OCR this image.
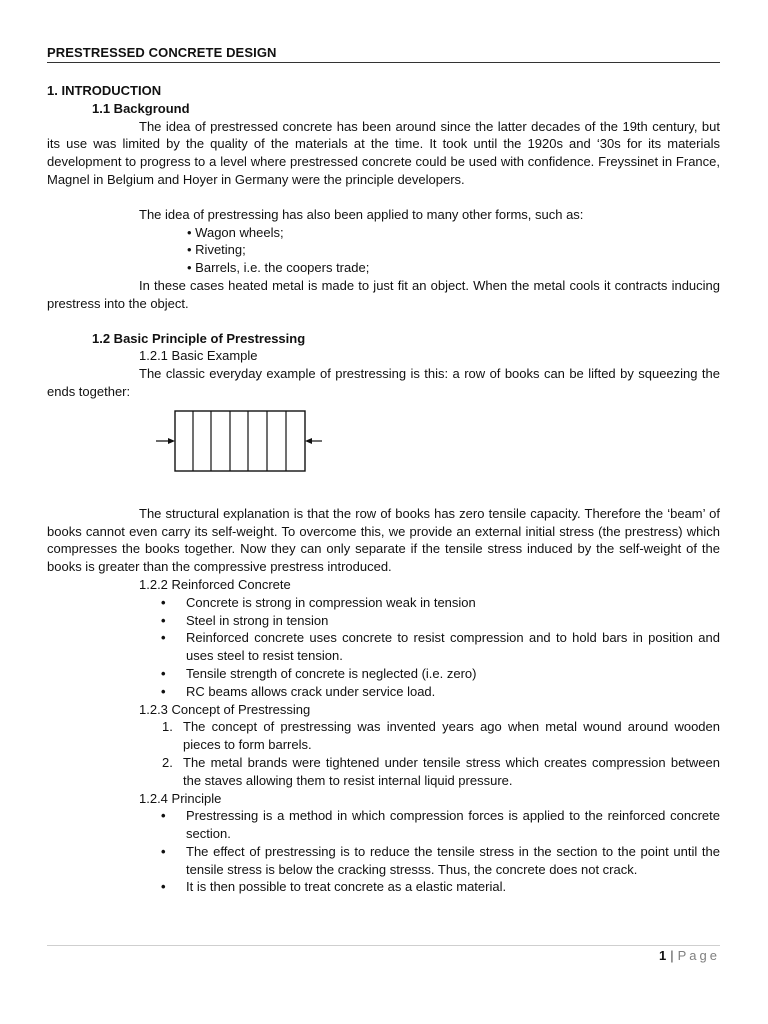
PRESTRESSED CONCRETE DESIGN
1. INTRODUCTION
1.1 Background

The idea of prestressed concrete has been around since the latter decades of the 19th century, but its use was limited by the quality of the materials at the time. It took until the 1920s and ‘30s for its materials development to progress to a level where prestressed concrete could be used with confidence. Freyssinet in France, Magnel in Belgium and Hoyer in Germany were the principle developers.

The idea of prestressing has also been applied to many other forms, such as:

• Wagon wheels;
• Riveting;
• Barrels, i.e. the coopers trade;

In these cases heated metal is made to just fit an object. When the metal cools it contracts inducing prestress into the object.

1.2 Basic Principle of Prestressing
1.2.1 Basic Example

The classic everyday example of prestressing is this: a row of books can be lifted by squeezing the ends together:

The structural explanation is that the row of books has zero tensile capacity. Therefore the ‘beam’ of books cannot even carry its self-weight. To overcome this, we provide an external initial stress (the prestress) which compresses the books together. Now they can only separate if the tensile stress induced by the self-weight of the books is greater than the compressive prestress introduced.

1.2.2 Reinforced Concrete
• Concrete is strong in compression weak in tension
• Steel in strong in tension
• Reinforced concrete uses concrete to resist compression and to hold bars in position and uses steel to resist tension.
• Tensile strength of concrete is neglected (i.e. zero)
• RC beams allows crack under service load.
1.2.3 Concept of Prestressing
1. The concept of prestressing was invented years ago when metal wound around wooden pieces to form barrels.
2. The metal brands were tightened under tensile stress which creates compression between the staves allowing them to resist internal liquid pressure.
1.2.4 Principle
• Prestressing is a method in which compression forces is applied to the reinforced concrete section.
• The effect of prestressing is to reduce the tensile stress in the section to the point until the tensile stress is below the cracking stresss. Thus, the concrete does not crack.
• It is then possible to treat concrete as a elastic material.
1 | Page
